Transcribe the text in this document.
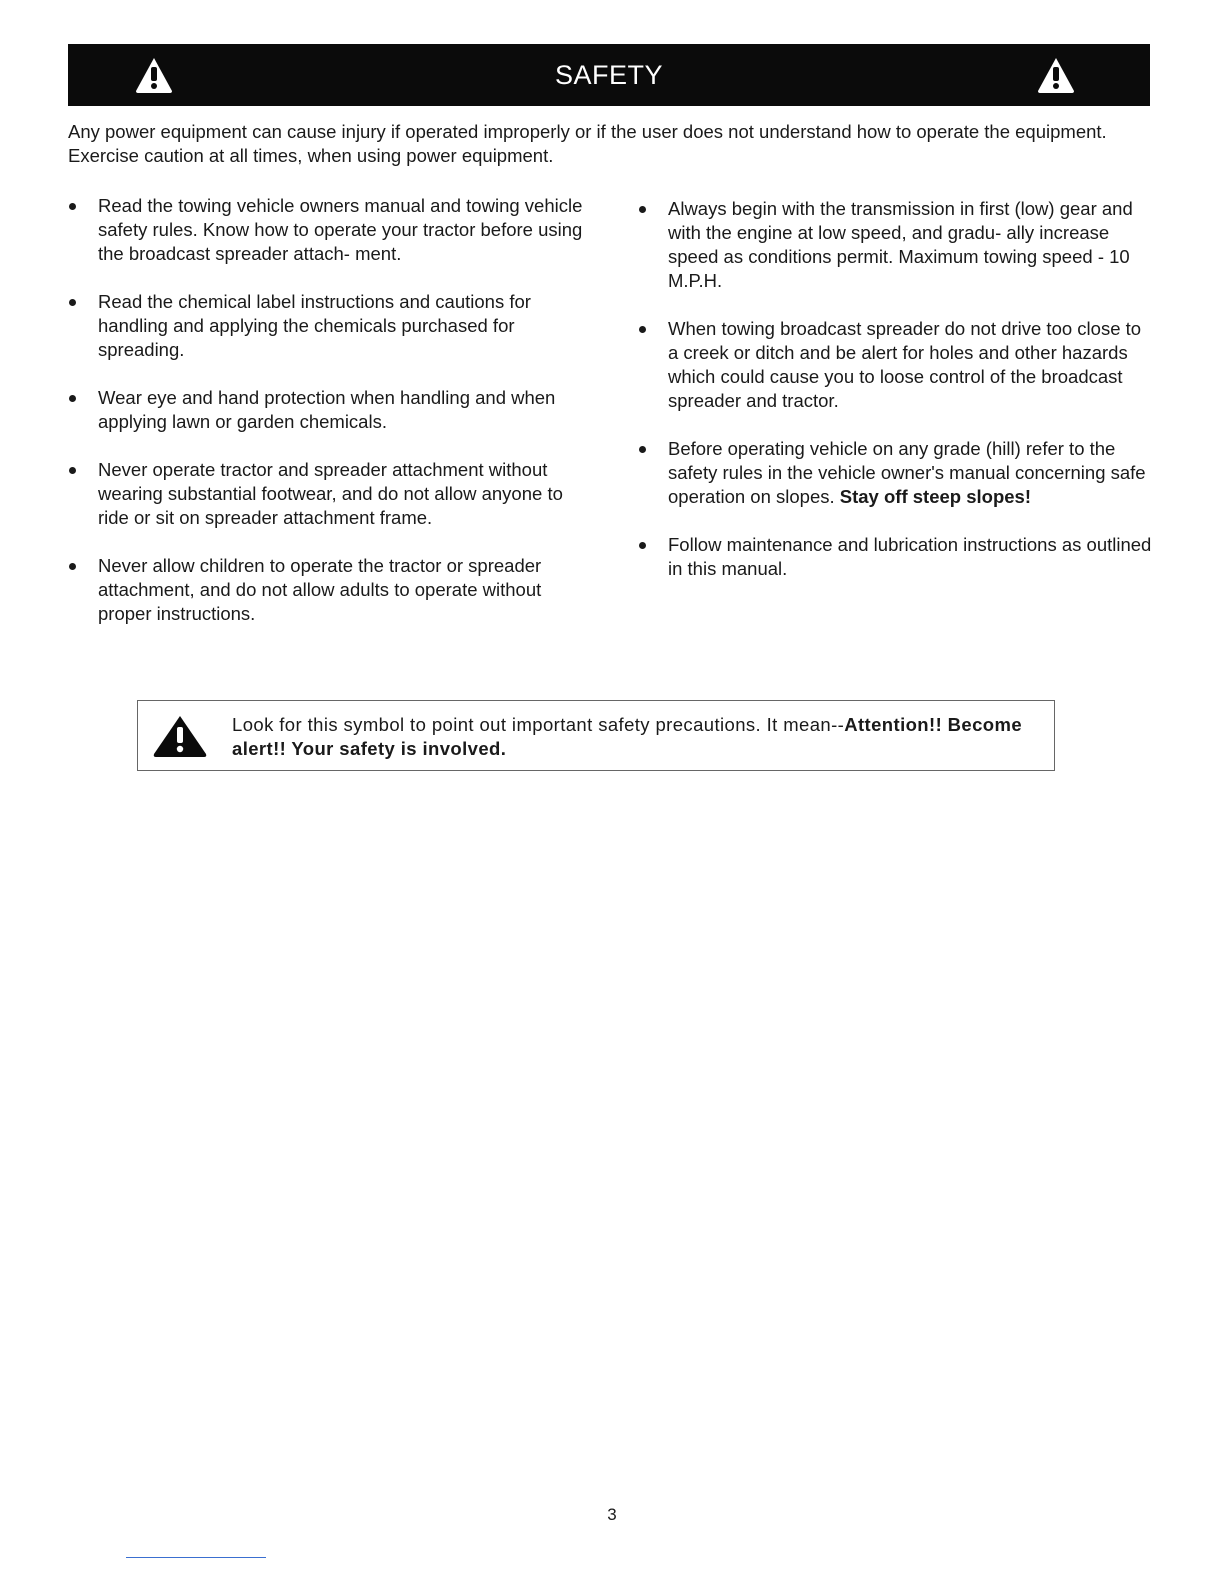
SAFETY

Any power equipment can cause injury if operated improperly or if the user does not understand how to operate the equipment. Exercise caution at all times, when using power equipment.

Read the towing vehicle owners manual and towing vehicle safety rules. Know how to operate your tractor before using the broadcast spreader attach- ment.
Read the chemical label instructions and cautions for handling and applying the chemicals purchased for spreading.
Wear eye and hand protection when handling and when applying lawn or garden chemicals.
Never operate tractor and spreader attachment without wearing substantial footwear, and do not allow anyone to ride or sit on spreader attachment frame.
Never allow children to operate the tractor or spreader attachment, and do not allow adults to operate without proper instructions.
Always begin with the transmission in first (low) gear and with the engine at low speed, and gradu- ally increase speed as conditions permit. Maximum towing speed - 10 M.P.H.
When towing broadcast spreader do not drive too close to a creek or ditch and be alert for holes and other hazards which could cause you to loose control of the broadcast spreader and tractor.
Before operating vehicle on any grade (hill) refer to the safety rules in the vehicle owner's manual concerning safe operation on slopes. Stay off steep slopes!
Follow maintenance and lubrication instructions as outlined in this manual.
Look for this symbol to point out important safety precautions. It mean--Attention!! Become alert!! Your safety is involved.
3
